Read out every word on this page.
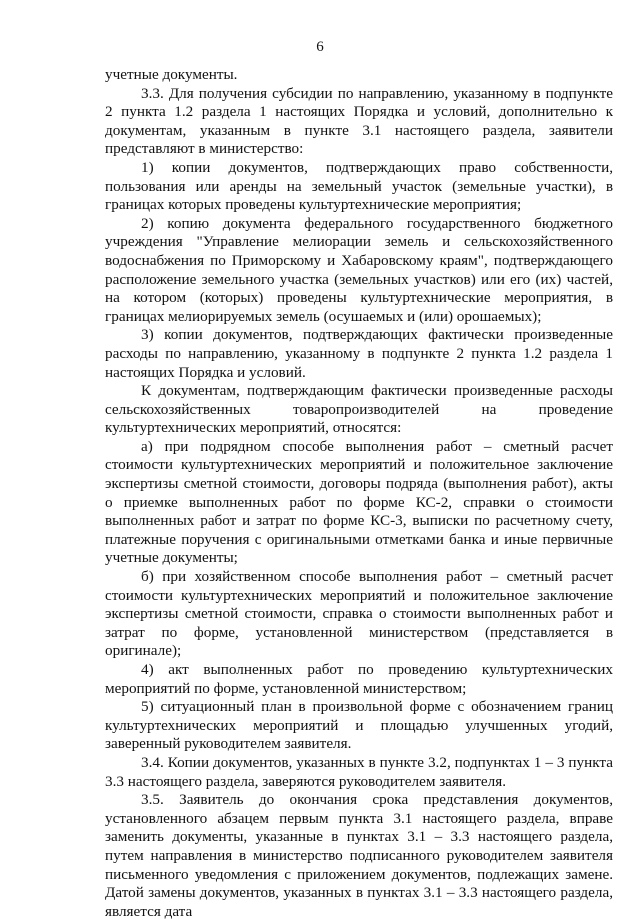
6

учетные документы.

3.3. Для получения субсидии по направлению, указанному в подпункте 2 пункта 1.2 раздела 1 настоящих Порядка и условий, дополнительно к документам, указанным в пункте 3.1 настоящего раздела, заявители представляют в министерство:

1) копии документов, подтверждающих право собственности, пользования или аренды на земельный участок (земельные участки), в границах которых проведены культуртехнические мероприятия;

2) копию документа федерального государственного бюджетного учреждения "Управление мелиорации земель и сельскохозяйственного водоснабжения по Приморскому и Хабаровскому краям", подтверждающего расположение земельного участка (земельных участков) или его (их) частей, на котором (которых) проведены культуртехнические мероприятия, в границах мелиорируемых земель (осушаемых и (или) орошаемых);

3) копии документов, подтверждающих фактически произведенные расходы по направлению, указанному в подпункте 2 пункта 1.2 раздела 1 настоящих Порядка и условий.

К документам, подтверждающим фактически произведенные расходы сельскохозяйственных товаропроизводителей на проведение культуртехнических мероприятий, относятся:

а) при подрядном способе выполнения работ – сметный расчет стоимости культуртехнических мероприятий и положительное заключение экспертизы сметной стоимости, договоры подряда (выполнения работ), акты о приемке выполненных работ по форме КС-2, справки о стоимости выполненных работ и затрат по форме КС-3, выписки по расчетному счету, платежные поручения с оригинальными отметками банка и иные первичные учетные документы;

б) при хозяйственном способе выполнения работ – сметный расчет стоимости культуртехнических мероприятий и положительное заключение экспертизы сметной стоимости, справка о стоимости выполненных работ и затрат по форме, установленной министерством (представляется в оригинале);

4) акт выполненных работ по проведению культуртехнических мероприятий по форме, установленной министерством;

5) ситуационный план в произвольной форме с обозначением границ культуртехнических мероприятий и площадью улучшенных угодий, заверенный руководителем заявителя.

3.4. Копии документов, указанных в пункте 3.2, подпунктах 1 – 3 пункта 3.3 настоящего раздела, заверяются руководителем заявителя.

3.5. Заявитель до окончания срока представления документов, установленного абзацем первым пункта 3.1 настоящего раздела, вправе заменить документы, указанные в пунктах 3.1 – 3.3 настоящего раздела, путем направления в министерство подписанного руководителем заявителя письменного уведомления с приложением документов, подлежащих замене. Датой замены документов, указанных в пунктах 3.1 – 3.3 настоящего раздела, является дата
